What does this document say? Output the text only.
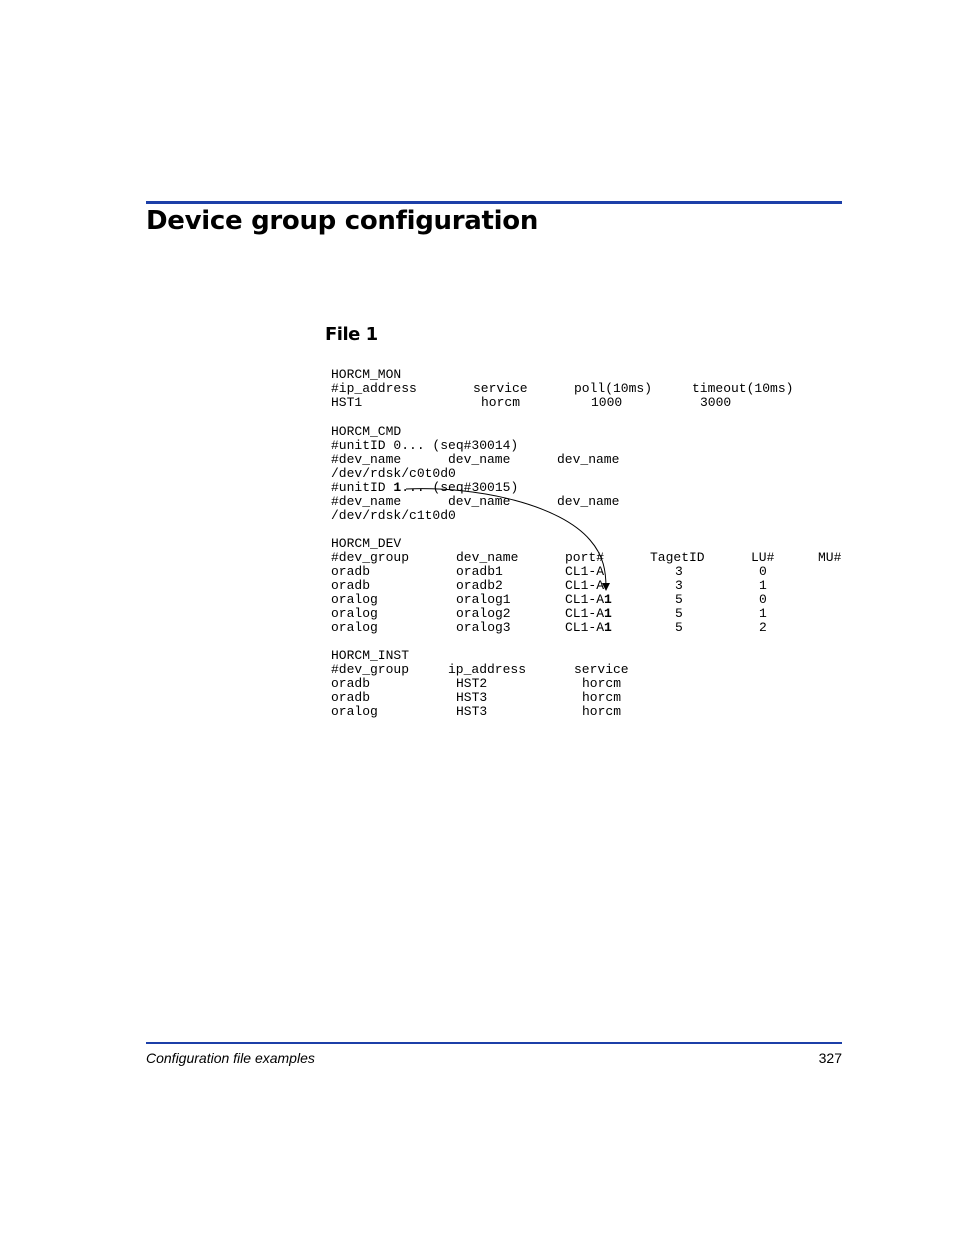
Device group configuration
File 1
HORCM_MON
#ip_address	service	poll(10ms)	timeout(10ms)
HST1	horcm	1000	3000
HORCM_CMD
#unitID 0... (seq#30014)
#dev_name	dev_name	dev_name
/dev/rdsk/c0t0d0
#unitID 1... (seq#30015)
#dev_name	dev_name	dev_name
/dev/rdsk/c1t0d0
HORCM_DEV
#dev_group	dev_name	port#	TagetID	LU#	MU#
oradb	oradb1	CL1-A	3	0
oradb	oradb2	CL1-A	3	1
oralog	oralog1	CL1-A1	5	0
oralog	oralog2	CL1-A1	5	1
oralog	oralog3	CL1-A1	5	2
HORCM_INST
#dev_group	ip_address	service
oradb	HST2	horcm
oradb	HST3	horcm
oralog	HST3	horcm
Configuration file examples	327
